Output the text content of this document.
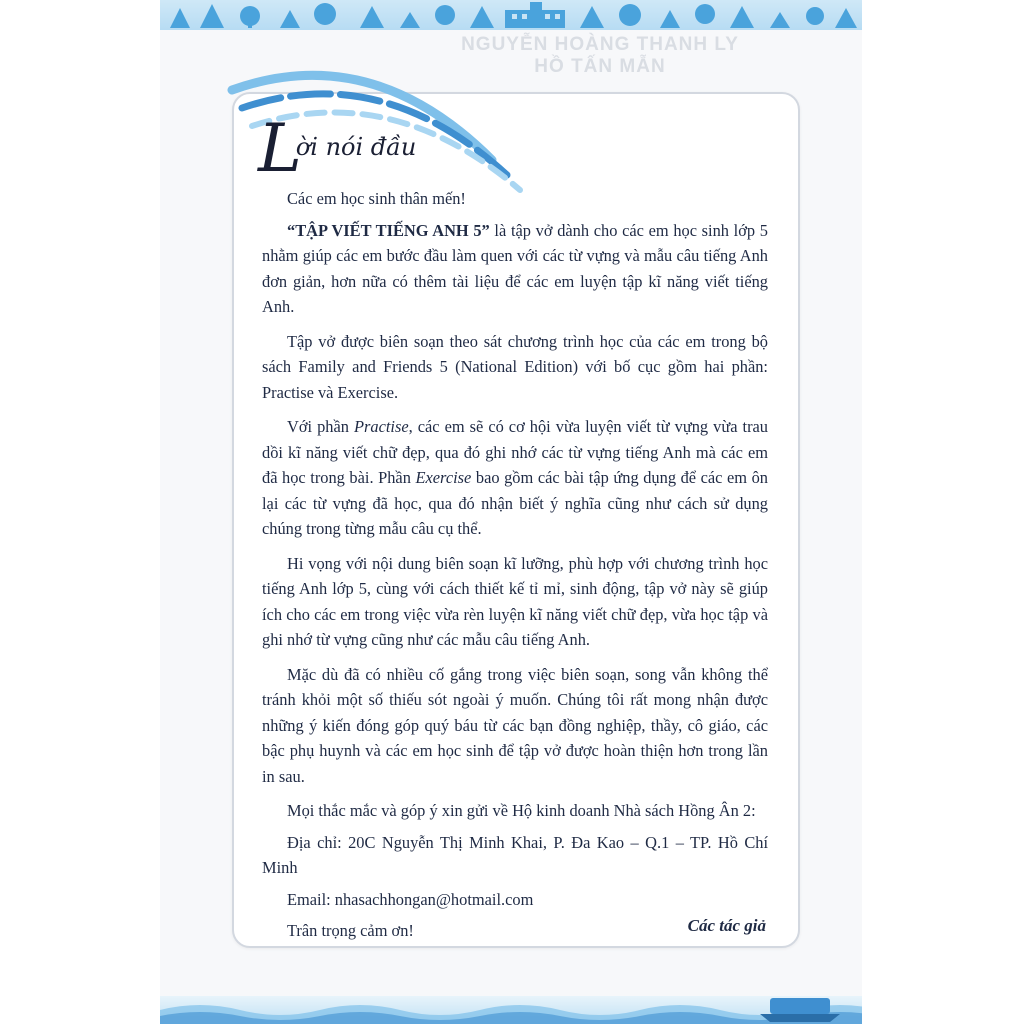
NGUYỄN HOÀNG THANH LY
HỒ TẤN MẪN
$L^{ời nói đầu}$

Các em học sinh thân mến!

“TẬP VIẾT TIẾNG ANH 5” là tập vở dành cho các em học sinh lớp 5 nhằm giúp các em bước đầu làm quen với các từ vựng và mẫu câu tiếng Anh đơn giản, hơn nữa có thêm tài liệu để các em luyện tập kĩ năng viết tiếng Anh.

Tập vở được biên soạn theo sát chương trình học của các em trong bộ sách Family and Friends 5 (National Edition) với bố cục gồm hai phần: Practise và Exercise.

Với phần Practise, các em sẽ có cơ hội vừa luyện viết từ vựng vừa trau dồi kĩ năng viết chữ đẹp, qua đó ghi nhớ các từ vựng tiếng Anh mà các em đã học trong bài. Phần Exercise bao gồm các bài tập ứng dụng để các em ôn lại các từ vựng đã học, qua đó nhận biết ý nghĩa cũng như cách sử dụng chúng trong từng mẫu câu cụ thể.

Hi vọng với nội dung biên soạn kĩ lưỡng, phù hợp với chương trình học tiếng Anh lớp 5, cùng với cách thiết kế tỉ mỉ, sinh động, tập vở này sẽ giúp ích cho các em trong việc vừa rèn luyện kĩ năng viết chữ đẹp, vừa học tập và ghi nhớ từ vựng cũng như các mẫu câu tiếng Anh.

Mặc dù đã có nhiều cố gắng trong việc biên soạn, song vẫn không thể tránh khỏi một số thiếu sót ngoài ý muốn. Chúng tôi rất mong nhận được những ý kiến đóng góp quý báu từ các bạn đồng nghiệp, thầy, cô giáo, các bậc phụ huynh và các em học sinh để tập vở được hoàn thiện hơn trong lần in sau.

Mọi thắc mắc và góp ý xin gửi về Hộ kinh doanh Nhà sách Hồng Ân 2:

Địa chỉ: 20C Nguyễn Thị Minh Khai, P. Đa Kao – Q.1 – TP. Hồ Chí Minh

Email: nhasachhongan@hotmail.com

Trân trọng cảm ơn!	Các tác giả
